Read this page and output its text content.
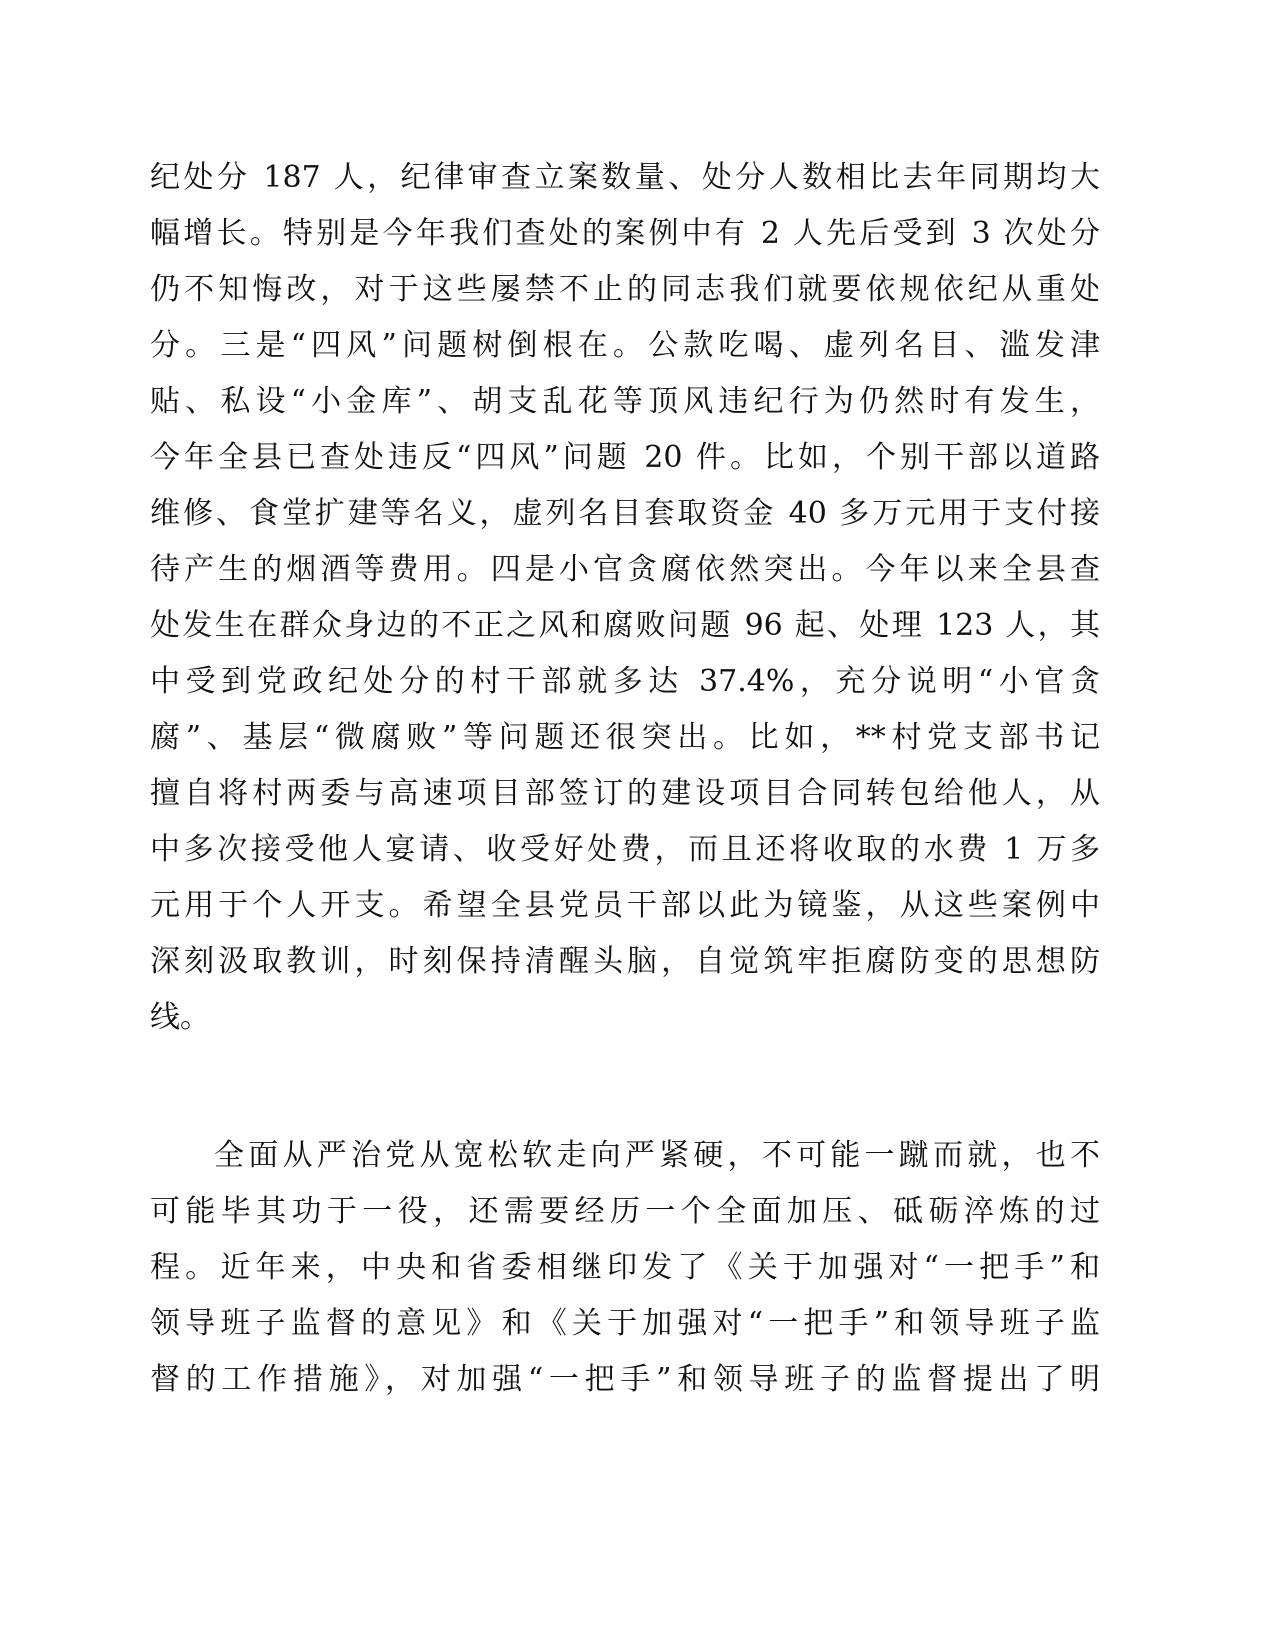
纪处分 187 人，纪律审查立案数量、处分人数相比去年同期均大
幅增长。特别是今年我们查处的案例中有 2 人先后受到 3 次处分
仍不知悔改，对于这些屡禁不止的同志我们就要依规依纪从重处
分。三是“四风”问题树倒根在。公款吃喝、虚列名目、滥发津
贴、私设“小金库”、胡支乱花等顶风违纪行为仍然时有发生，
今年全县已查处违反“四风”问题 20 件。比如，个别干部以道路
维修、食堂扩建等名义，虚列名目套取资金 40 多万元用于支付接
待产生的烟酒等费用。四是小官贪腐依然突出。今年以来全县查
处发生在群众身边的不正之风和腐败问题 96 起、处理 123 人，其
中受到党政纪处分的村干部就多达 37.4%，充分说明“小官贪
腐”、基层“微腐败”等问题还很突出。比如，**村党支部书记
擅自将村两委与高速项目部签订的建设项目合同转包给他人，从
中多次接受他人宴请、收受好处费，而且还将收取的水费 1 万多
元用于个人开支。希望全县党员干部以此为镜鉴，从这些案例中
深刻汲取教训，时刻保持清醒头脑，自觉筑牢拒腐防变的思想防
线。
全面从严治党从宽松软走向严紧硬，不可能一蹴而就，也不
可能毕其功于一役，还需要经历一个全面加压、砥砺淬炼的过
程。近年来，中央和省委相继印发了《关于加强对“一把手”和
领导班子监督的意见》和《关于加强对“一把手”和领导班子监
督的工作措施》，对加强“一把手”和领导班子的监督提出了明
